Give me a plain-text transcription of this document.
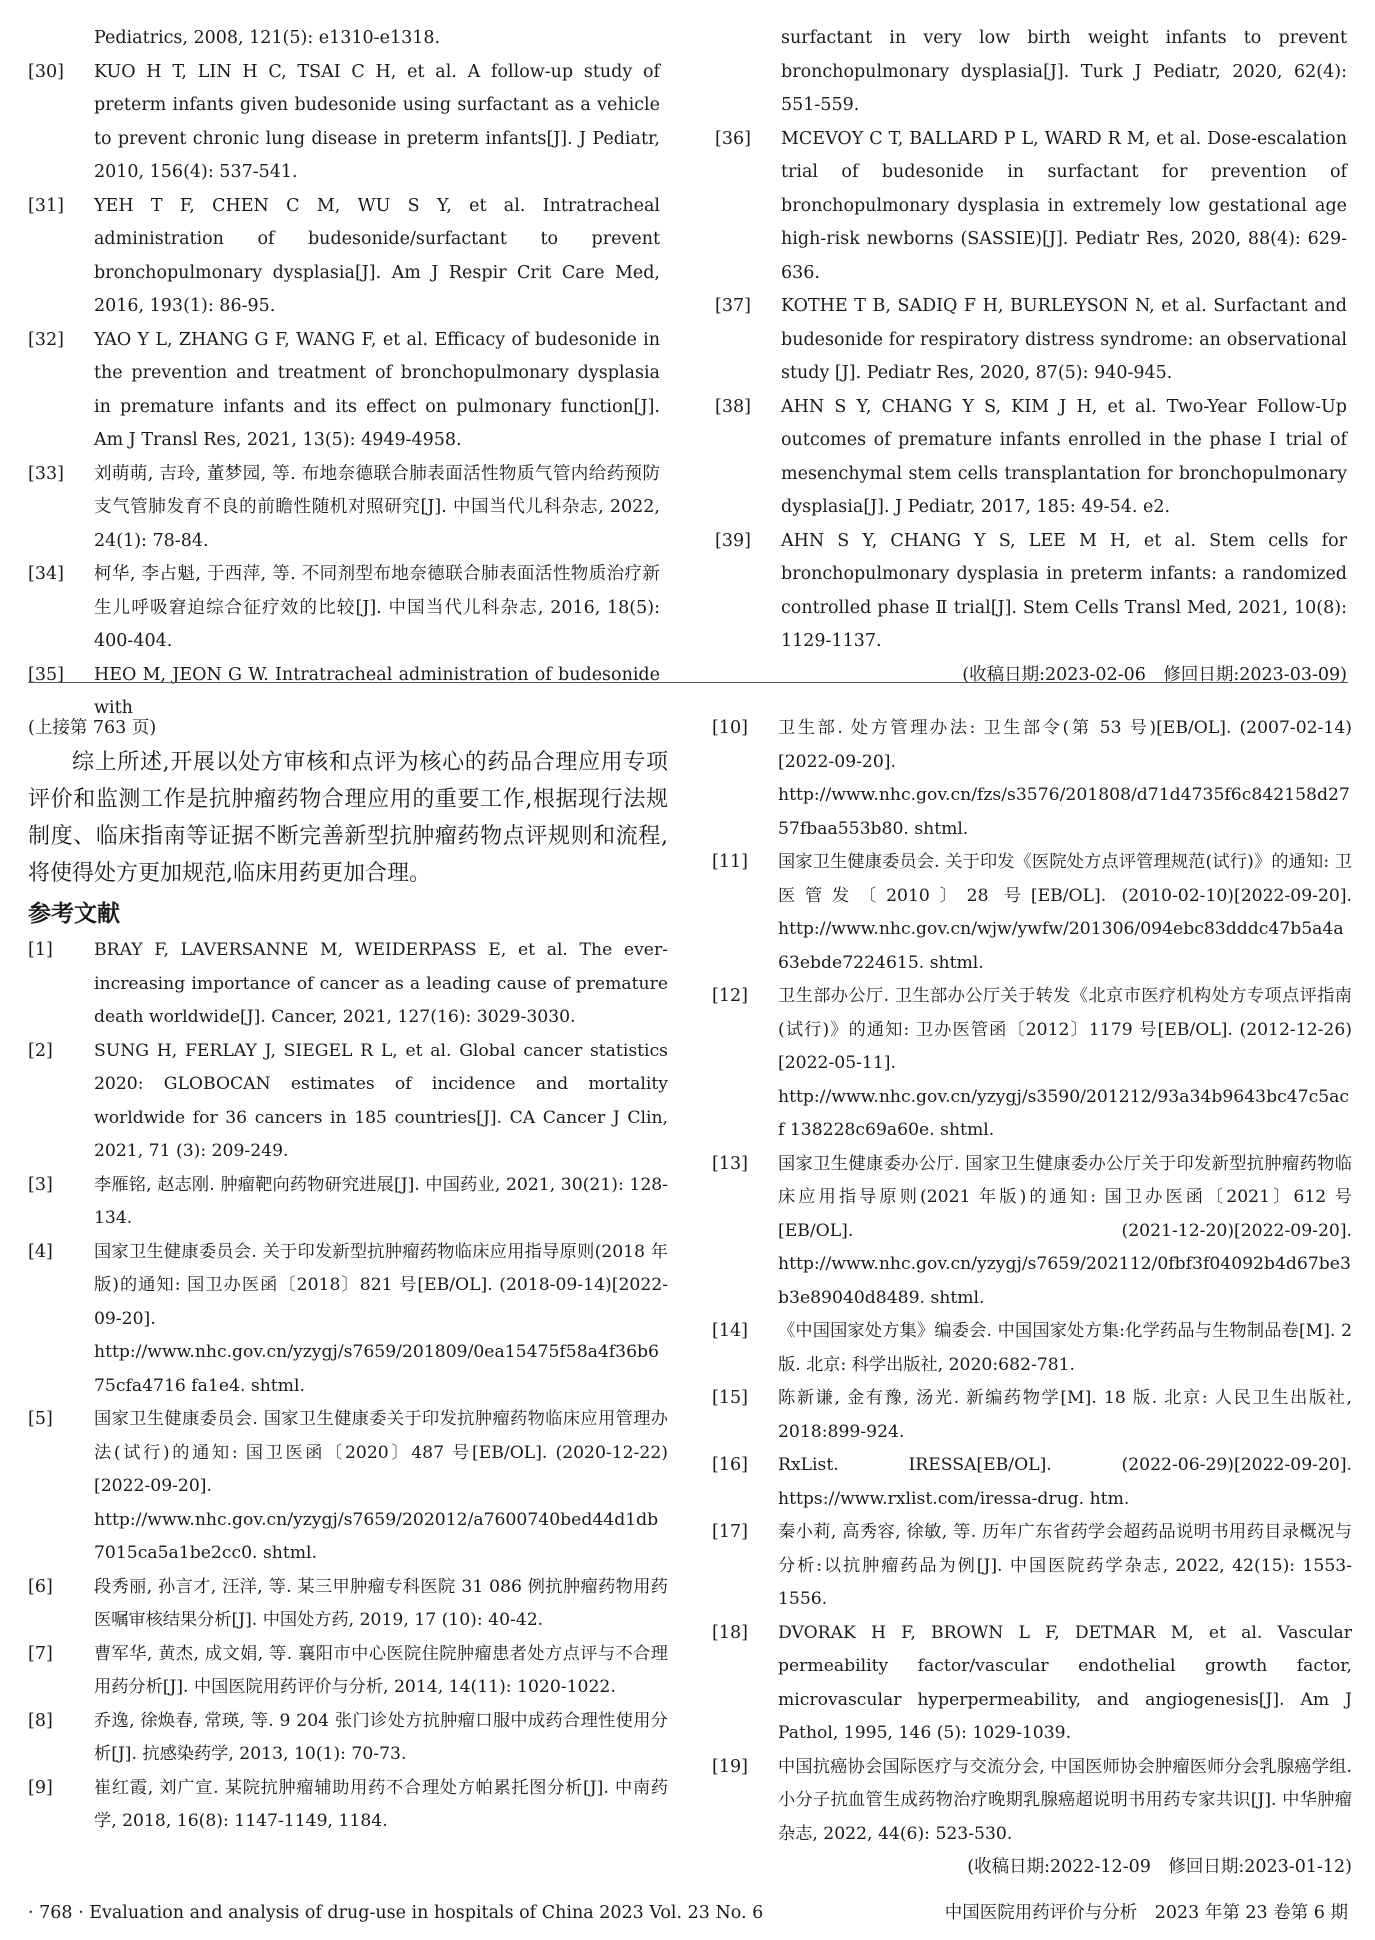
Pediatrics, 2008, 121(5): e1310-e1318.
[30]	KUO H T, LIN H C, TSAI C H, et al. A follow-up study of preterm infants given budesonide using surfactant as a vehicle to prevent chronic lung disease in preterm infants[J]. J Pediatr, 2010, 156(4): 537-541.
[31]	YEH T F, CHEN C M, WU S Y, et al. Intratracheal administration of budesonide/surfactant to prevent bronchopulmonary dysplasia[J]. Am J Respir Crit Care Med, 2016, 193(1): 86-95.
[32]	YAO Y L, ZHANG G F, WANG F, et al. Efficacy of budesonide in the prevention and treatment of bronchopulmonary dysplasia in premature infants and its effect on pulmonary function[J]. Am J Transl Res, 2021, 13(5): 4949-4958.
[33]	刘萌萌, 吉玲, 董梦园, 等. 布地奈德联合肺表面活性物质气管内给药预防支气管肺发育不良的前瞻性随机对照研究[J]. 中国当代儿科杂志, 2022, 24(1): 78-84.
[34]	柯华, 李占魁, 于西萍, 等. 不同剂型布地奈德联合肺表面活性物质治疗新生儿呼吸窘迫综合征疗效的比较[J]. 中国当代儿科杂志, 2016, 18(5): 400-404.
[35]	HEO M, JEON G W. Intratracheal administration of budesonide with
surfactant in very low birth weight infants to prevent bronchopulmonary dysplasia[J]. Turk J Pediatr, 2020, 62(4): 551-559.
[36]	MCEVOY C T, BALLARD P L, WARD R M, et al. Dose-escalation trial of budesonide in surfactant for prevention of bronchopulmonary dysplasia in extremely low gestational age high-risk newborns (SASSIE)[J]. Pediatr Res, 2020, 88(4): 629-636.
[37]	KOTHE T B, SADIQ F H, BURLEYSON N, et al. Surfactant and budesonide for respiratory distress syndrome: an observational study [J]. Pediatr Res, 2020, 87(5): 940-945.
[38]	AHN S Y, CHANG Y S, KIM J H, et al. Two-Year Follow-Up outcomes of premature infants enrolled in the phase Ⅰ trial of mesenchymal stem cells transplantation for bronchopulmonary dysplasia[J]. J Pediatr, 2017, 185: 49-54. e2.
[39]	AHN S Y, CHANG Y S, LEE M H, et al. Stem cells for bronchopulmonary dysplasia in preterm infants: a randomized controlled phase Ⅱ trial[J]. Stem Cells Transl Med, 2021, 10(8): 1129-1137.
(收稿日期:2023-02-06　修回日期:2023-03-09)
(上接第 763 页)
综上所述,开展以处方审核和点评为核心的药品合理应用专项评价和监测工作是抗肿瘤药物合理应用的重要工作,根据现行法规制度、临床指南等证据不断完善新型抗肿瘤药物点评规则和流程,将使得处方更加规范,临床用药更加合理。
参考文献
[1]	BRAY F, LAVERSANNE M, WEIDERPASS E, et al. The ever-increasing importance of cancer as a leading cause of premature death worldwide[J]. Cancer, 2021, 127(16): 3029-3030.
[2]	SUNG H, FERLAY J, SIEGEL R L, et al. Global cancer statistics 2020: GLOBOCAN estimates of incidence and mortality worldwide for 36 cancers in 185 countries[J]. CA Cancer J Clin, 2021, 71 (3): 209-249.
[3]	李雁铭, 赵志刚. 肿瘤靶向药物研究进展[J]. 中国药业, 2021, 30(21): 128-134.
[4]	国家卫生健康委员会. 关于印发新型抗肿瘤药物临床应用指导原则(2018 年版)的通知: 国卫办医函〔2018〕821 号[EB/OL]. (2018-09-14)[2022-09-20]. http://www.nhc.gov.cn/yzygj/s7659/201809/0ea15475f58a4f36b675cfa4716 fa1e4. shtml.
[5]	国家卫生健康委员会. 国家卫生健康委关于印发抗肿瘤药物临床应用管理办法(试行)的通知: 国卫医函〔2020〕487 号[EB/OL]. (2020-12-22)[2022-09-20]. http://www.nhc.gov.cn/yzygj/s7659/202012/a7600740bed44d1db7015ca5a1be2cc0. shtml.
[6]	段秀丽, 孙言才, 汪洋, 等. 某三甲肿瘤专科医院 31 086 例抗肿瘤药物用药医嘱审核结果分析[J]. 中国处方药, 2019, 17 (10): 40-42.
[7]	曹军华, 黄杰, 成文娟, 等. 襄阳市中心医院住院肿瘤患者处方点评与不合理用药分析[J]. 中国医院用药评价与分析, 2014, 14(11): 1020-1022.
[8]	乔逸, 徐焕春, 常瑛, 等. 9 204 张门诊处方抗肿瘤口服中成药合理性使用分析[J]. 抗感染药学, 2013, 10(1): 70-73.
[9]	崔红霞, 刘广宣. 某院抗肿瘤辅助用药不合理处方帕累托图分析[J]. 中南药学, 2018, 16(8): 1147-1149, 1184.
[10]	卫生部. 处方管理办法: 卫生部令(第 53 号)[EB/OL]. (2007-02-14)[2022-09-20]. http://www.nhc.gov.cn/fzs/s3576/201808/d71d4735f6c842158d2757fbaa553b80. shtml.
[11]	国家卫生健康委员会. 关于印发《医院处方点评管理规范(试行)》的通知: 卫医管发〔2010〕28 号[EB/OL]. (2010-02-10)[2022-09-20]. http://www.nhc.gov.cn/wjw/ywfw/201306/094ebc83dddc47b5a4a63ebde7224615. shtml.
[12]	卫生部办公厅. 卫生部办公厅关于转发《北京市医疗机构处方专项点评指南(试行)》的通知: 卫办医管函〔2012〕1179 号[EB/OL]. (2012-12-26)[2022-05-11]. http://www.nhc.gov.cn/yzygj/s3590/201212/93a34b9643bc47c5acf 138228c69a60e. shtml.
[13]	国家卫生健康委办公厅. 国家卫生健康委办公厅关于印发新型抗肿瘤药物临床应用指导原则(2021 年版)的通知: 国卫办医函〔2021〕612 号[EB/OL]. (2021-12-20)[2022-09-20]. http://www.nhc.gov.cn/yzygj/s7659/202112/0fbf3f04092b4d67be3b3e89040d8489. shtml.
[14]	《中国国家处方集》编委会. 中国国家处方集:化学药品与生物制品卷[M]. 2 版. 北京: 科学出版社, 2020:682-781.
[15]	陈新谦, 金有豫, 汤光. 新编药物学[M]. 18 版. 北京: 人民卫生出版社, 2018:899-924.
[16]	RxList. IRESSA[EB/OL]. (2022-06-29)[2022-09-20]. https://www.rxlist.com/iressa-drug. htm.
[17]	秦小莉, 高秀容, 徐敏, 等. 历年广东省药学会超药品说明书用药目录概况与分析:以抗肿瘤药品为例[J]. 中国医院药学杂志, 2022, 42(15): 1553-1556.
[18]	DVORAK H F, BROWN L F, DETMAR M, et al. Vascular permeability factor/vascular endothelial growth factor, microvascular hyperpermeability, and angiogenesis[J]. Am J Pathol, 1995, 146 (5): 1029-1039.
[19]	中国抗癌协会国际医疗与交流分会, 中国医师协会肿瘤医师分会乳腺癌学组. 小分子抗血管生成药物治疗晚期乳腺癌超说明书用药专家共识[J]. 中华肿瘤杂志, 2022, 44(6): 523-530.
(收稿日期:2022-12-09　修回日期:2023-01-12)
· 768 · Evaluation and analysis of drug-use in hospitals of China 2023 Vol. 23 No. 6	中国医院用药评价与分析　2023 年第 23 卷第 6 期
